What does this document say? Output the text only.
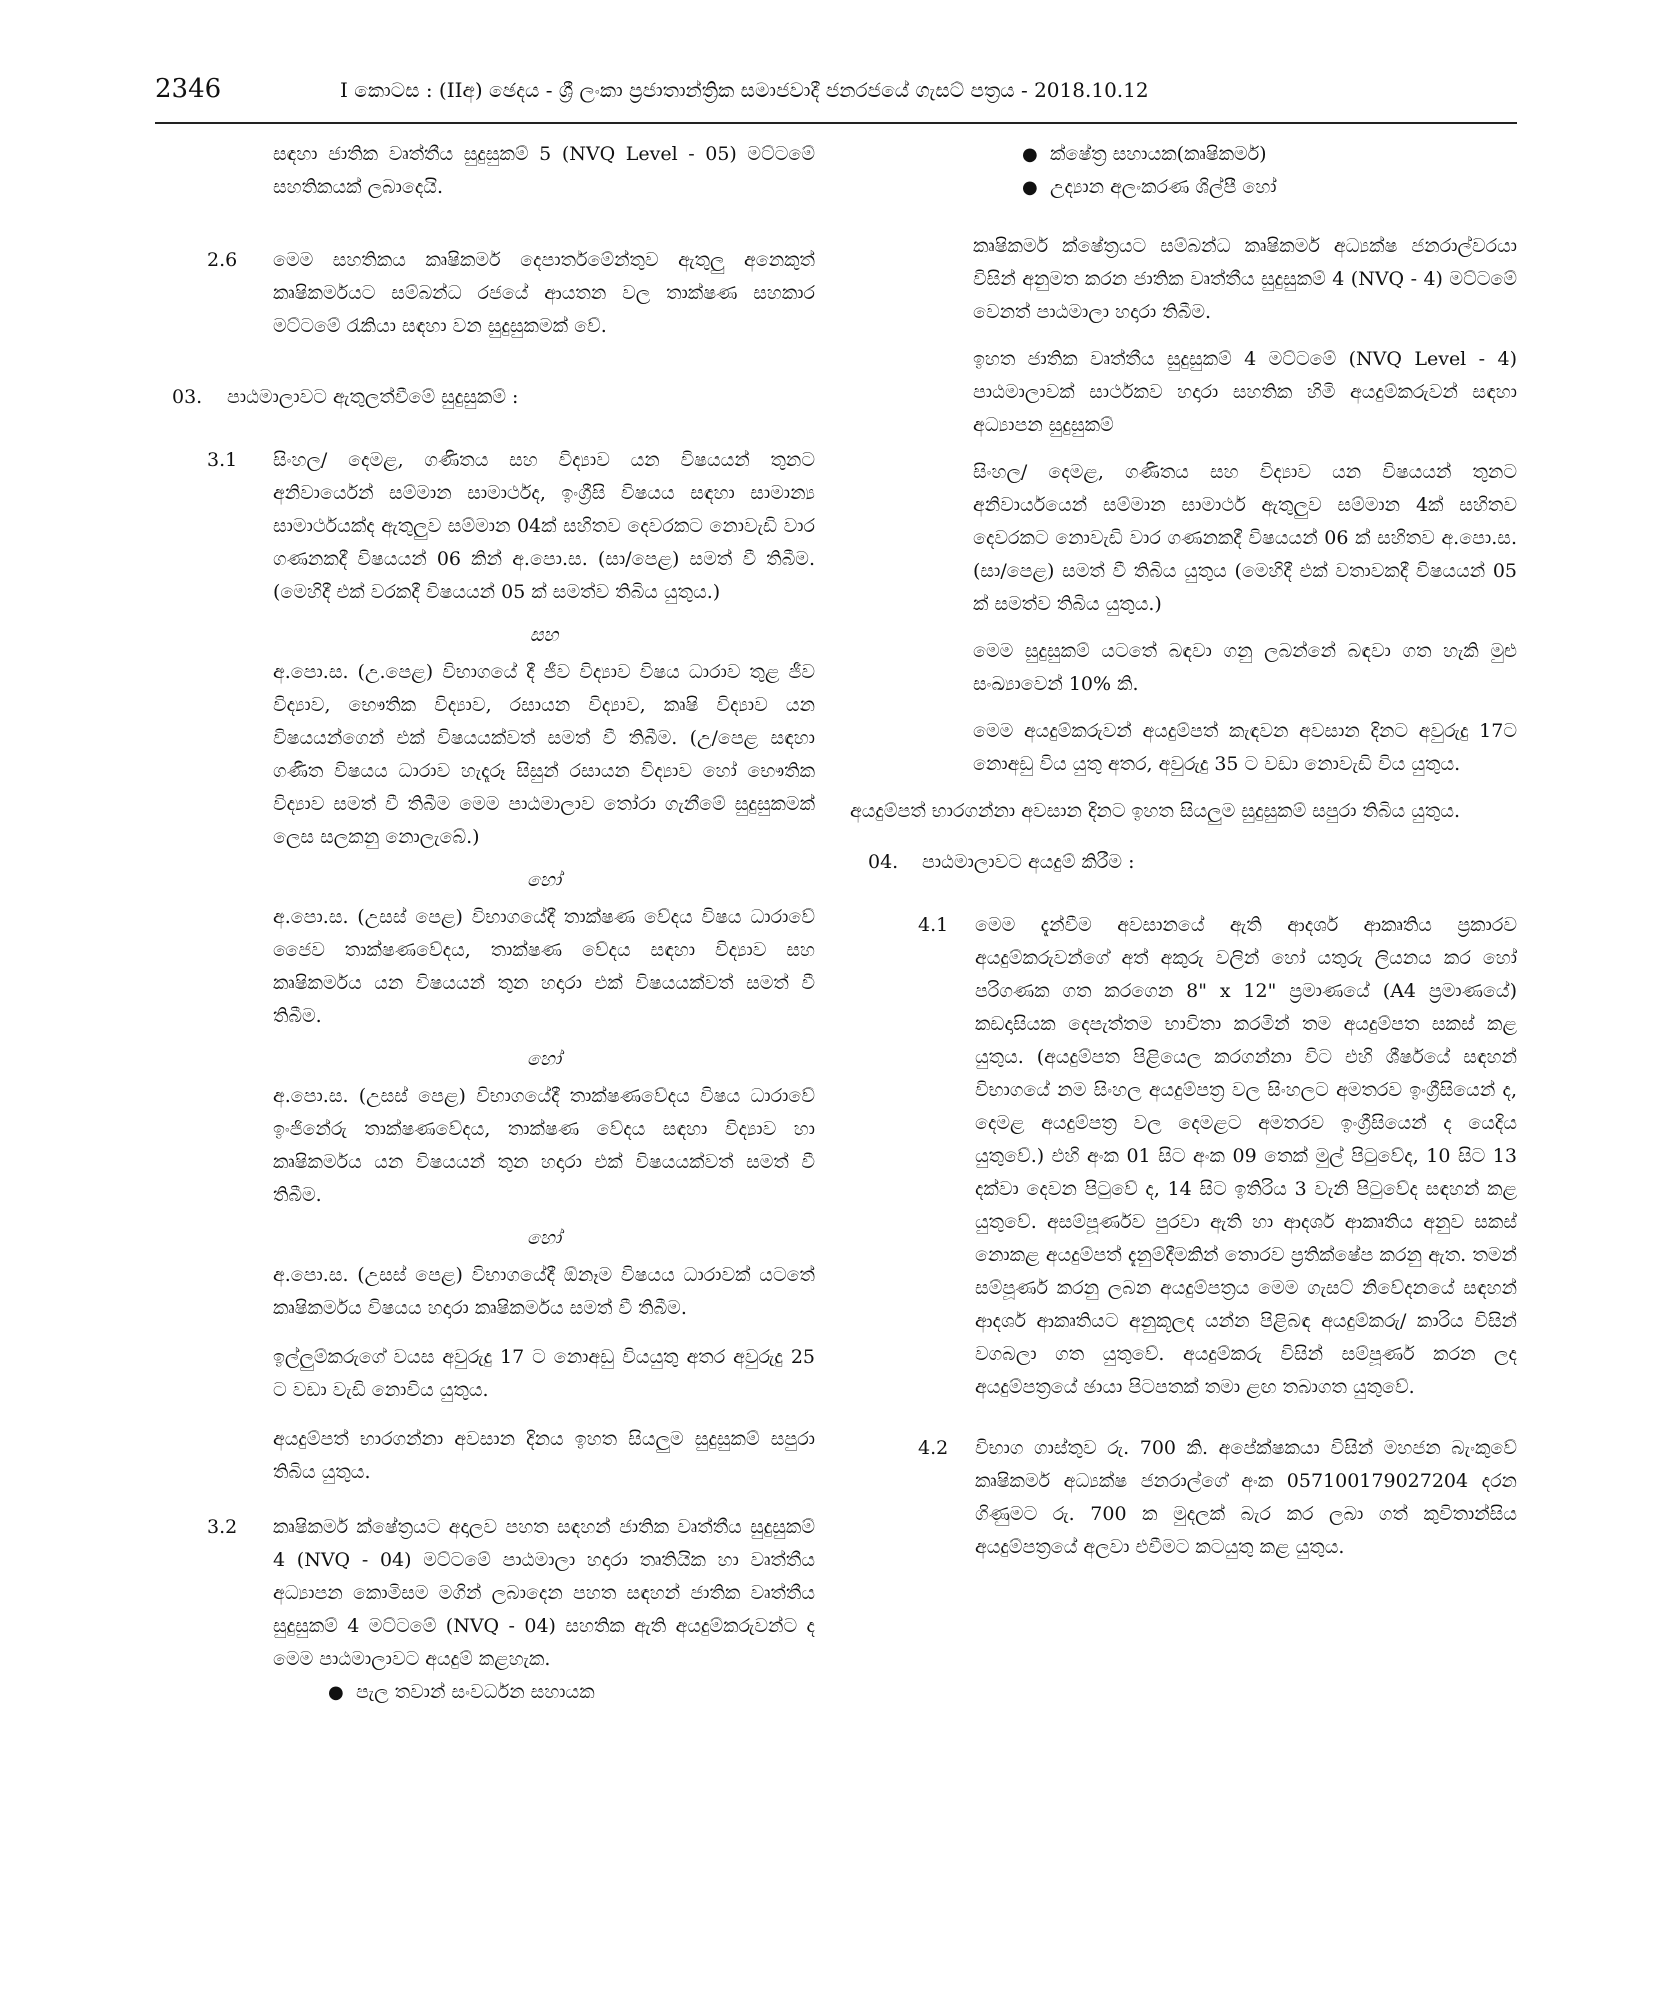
2346	I කොටස : (IIඅ) ඡෙදය - ශ්‍රී ලංකා ප්‍රජාතාන්ත්‍රික සමාජවාදී ජනරජයේ ගැසට් පත්‍රය - 2018.10.12

සඳහා ජාතික වෘත්තීය සුදුසුකම් 5 (NVQ Level - 05) මට්ටමේ සහතිකයක් ලබාදෙයි.

2.6 මෙම සහතිකය කෘෂිකර්ම දෙපාර්තමේන්තුව ඇතුලු අනෙකුත් කෘෂිකර්මයට සම්බන්ධ රජයේ ආයතන වල තාක්ෂණ සහකාර මට්ටමේ රැකියා සඳහා වන සුදුසුකමක් වේ.

03. පාඨමාලාවට ඇතුලත්වීමේ සුදුසුකම් :

3.1 සිංහල/ දෙමළ, ගණිතය සහ විද්‍යාව යන විෂයයන් තුනට අනිවාර්යෙන් සම්මාන සාමාර්ථද, ඉංග්‍රීසි විෂයය සඳහා සාමාන්‍ය සාමාර්ථයක්ද ඇතුලුව සම්මාන 04ක් සහිතව දෙවරකට නොවැඩි වාර ගණනකදී විෂයයන් 06 කින් අ.පො.ස. (සා/පෙළ) සමත් වී තිබීම. (මෙහිදී එක් වරකදී විෂයයන් 05 ක් සමත්ව තිබිය යුතුය.)

සහ

අ.පො.ස. (උ.පෙළ) විභාගයේ දී ජීව විද්‍යාව විෂය ධාරාව තුළ ජීව විද්‍යාව, භෞතික විද්‍යාව, රසායන විද්‍යාව, කෘෂි විද්‍යාව යන විෂයයන්ගෙන් එක් විෂයයක්වත් සමත් වී තිබීම. (උ/පෙළ සඳහා ගණිත විෂයය ධාරාව හැදෑරූ සිසුන් රසායන විද්‍යාව හෝ භෞතික විද්‍යාව සමත් වී තිබීම මෙම පාඨමාලාව තෝරා ගැනීමේ සුදුසුකමක් ලෙස සලකනු නොලැබේ.)

හෝ

අ.පො.ස. (උසස් පෙළ) විභාගයේදී තාක්ෂණ වේදය විෂය ධාරාවේ ජෛව තාක්ෂණවේදය, තාක්ෂණ වේදය සඳහා විද්‍යාව සහ කෘෂිකර්මය යන විෂයයන් තුන හදාරා එක් විෂයයක්වත් සමත් වී තිබීම.

හෝ

අ.පො.ස. (උසස් පෙළ) විභාගයේදී තාක්ෂණවේදය විෂය ධාරාවේ ඉංජිනේරු තාක්ෂණවේදය, තාක්ෂණ වේදය සඳහා විද්‍යාව හා කෘෂිකර්මය යන විෂයයන් තුන හදාරා එක් විෂයයක්වත් සමත් වී තිබීම.

හෝ

අ.පො.ස. (උසස් පෙළ) විභාගයේදී ඕනෑම විෂයය ධාරාවක් යටතේ කෘෂිකර්මය විෂයය හදාරා කෘෂිකර්මය සමත් වී තිබීම.

ඉල්ලුම්කරුගේ වයස අවුරුදු 17 ට නොඅඩු වියයුතු අතර අවුරුදු 25 ට වඩා වැඩි නොවිය යුතුය.

අයදුම්පත් භාරගන්නා අවසාන දිනය ඉහත සියලුම සුදුසුකම් සපුරා තිබිය යුතුය.

3.2 කෘෂිකර්ම ක්ෂේත්‍රයට අදාලව පහත සඳහන් ජාතික වෘත්තීය සුදුසුකම් 4 (NVQ - 04) මට්ටමේ පාඨමාලා හදාරා තෘතියික හා වෘත්තීය අධ්‍යාපන කොමිසම මගින් ලබාදෙන පහත සඳහන් ජාතික වෘත්තීය සුදුසුකම් 4 මට්ටමේ (NVQ - 04) සහතික ඇති අයදුම්කරුවන්ට ද මෙම පාඨමාලාවට අයදුම් කළහැක.

● පැල තවාන් සංවර්ධන සහායක
● ක්ෂේත්‍ර සහායක(කෘෂිකර්ම)
● උද්‍යාන අලංකරණ ශිල්පී හෝ

කෘෂිකර්ම ක්ෂේත්‍රයට සම්බන්ධ කෘෂිකර්ම අධ්‍යක්ෂ ජනරාල්වරයා විසින් අනුමත කරන ජාතික වෘත්තීය සුදුසුකම් 4 (NVQ - 4) මට්ටමේ වෙනත් පාඨමාලා හදාරා තිබීම.

ඉහත ජාතික වෘත්තීය සුදුසුකම් 4 මට්ටමේ (NVQ Level - 4) පාඨමාලාවක් සාර්ථකව හදාරා සහතික හිමි අයදුම්කරුවන් සඳහා අධ්‍යාපන සුදුසුකම්

සිංහල/ දෙමළ, ගණිතය සහ විද්‍යාව යන විෂයයන් තුනට අනිවාර්යයෙන් සම්මාන සාමාර්ථ ඇතුලුව සම්මාන 4ක් සහිතව දෙවරකට නොවැඩි වාර ගණනකදී විෂයයන් 06 ක් සහිතව අ.පො.ස. (සා/පෙළ) සමත් වී තිබිය යුතුය (මෙහිදී එක් වතාවකදී විෂයයන් 05 ක් සමත්ව තිබිය යුතුය.)

මෙම සුදුසුකම් යටතේ බඳවා ගනු ලබන්නේ බඳවා ගත හැකි මුළු සංඛ්‍යාවෙන් 10% කි.

මෙම අයදුම්කරුවන් අයදුම්පත් කැඳවන අවසාන දිනට අවුරුදු 17ට නොඅඩු විය යුතු අතර, අවුරුදු 35 ට වඩා නොවැඩි විය යුතුය.

අයදුම්පත් භාරගන්නා අවසාන දිනට ඉහත සියලුම සුදුසුකම් සපුරා තිබිය යුතුය.

04. පාඨමාලාවට අයදුම් කිරීම :

4.1 මෙම දැන්වීම අවසානයේ ඇති ආදර්ශ ආකෘතිය ප්‍රකාරව අයදුම්කරුවන්ගේ අත් අකුරු වලින් හෝ යතුරු ලියනය කර හෝ පරිගණක ගත කරගෙන 8" x 12" ප්‍රමාණයේ (A4 ප්‍රමාණයේ) කඩදාසියක දෙපැත්තම භාවිතා කරමින් තම අයදුම්පත සකස් කළ යුතුය. (අයදුම්පත පිළියෙල කරගන්නා විට එහි ශීර්ෂයේ සඳහන් විභාගයේ නම සිංහල අයදුම්පත්‍ර වල සිංහලට අමතරව ඉංග්‍රීසියෙන් ද, දෙමළ අයදුම්පත්‍ර වල දෙමළට අමතරව ඉංග්‍රීසියෙන් ද යෙදිය යුතුවේ.) එහි අංක 01 සිට අංක 09 තෙක් මුල් පිටුවේද, 10 සිට 13 දක්වා දෙවන පිටුවේ ද, 14 සිට ඉතිරිය 3 වැනි පිටුවේද සඳහන් කළ යුතුවේ. අසම්පූර්ණව පුරවා ඇති හා ආදර්ශ ආකෘතිය අනුව සකස් නොකළ අයදුම්පත් දැනුම්දීමකින් තොරව ප්‍රතික්ෂේප කරනු ඇත. තමන් සම්පූර්ණ කරනු ලබන අයදුම්පත්‍රය මෙම ගැසට් නිවේදනයේ සඳහන් ආදර්ශ ආකෘතියට අනුකූලද යන්න පිළිබඳ අයදුම්කරු/ කාරිය විසින් වගබලා ගත යුතුවේ. අයදුම්කරු විසින් සම්පූර්ණ කරන ලද අයදුම්පත්‍රයේ ඡායා පිටපතක් තමා ළඟ තබාගත යුතුවේ.

4.2 විභාග ගාස්තුව රු. 700 කි. අපේක්ෂකයා විසින් මහජන බැංකුවේ කෘෂිකර්ම අධ්‍යක්ෂ ජනරාල්ගේ අංක 057100179027204 දරන ගිණුමට රු. 700 ක මුදලක් බැර කර ලබා ගත් කුවිතාන්සිය අයදුම්පත්‍රයේ අලවා එවීමට කටයුතු කළ යුතුය.
